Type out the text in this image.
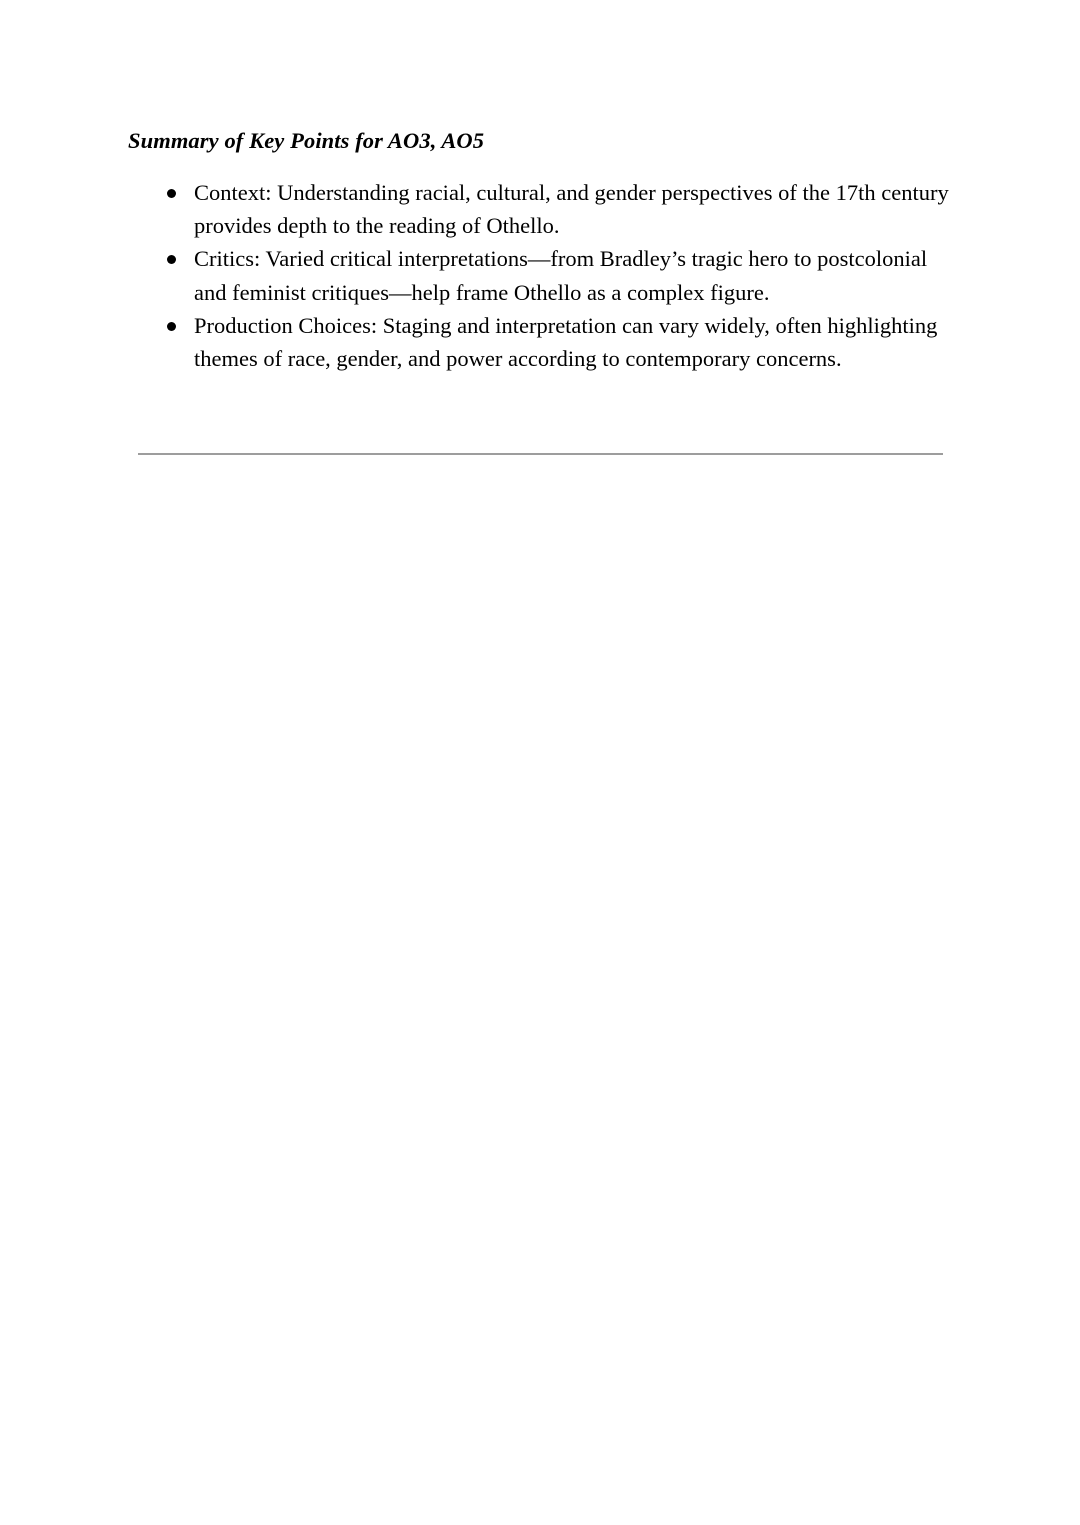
Summary of Key Points for AO3, AO5
Context: Understanding racial, cultural, and gender perspectives of the 17th century provides depth to the reading of Othello.
Critics: Varied critical interpretations—from Bradley’s tragic hero to postcolonial and feminist critiques—help frame Othello as a complex figure.
Production Choices: Staging and interpretation can vary widely, often highlighting themes of race, gender, and power according to contemporary concerns.
